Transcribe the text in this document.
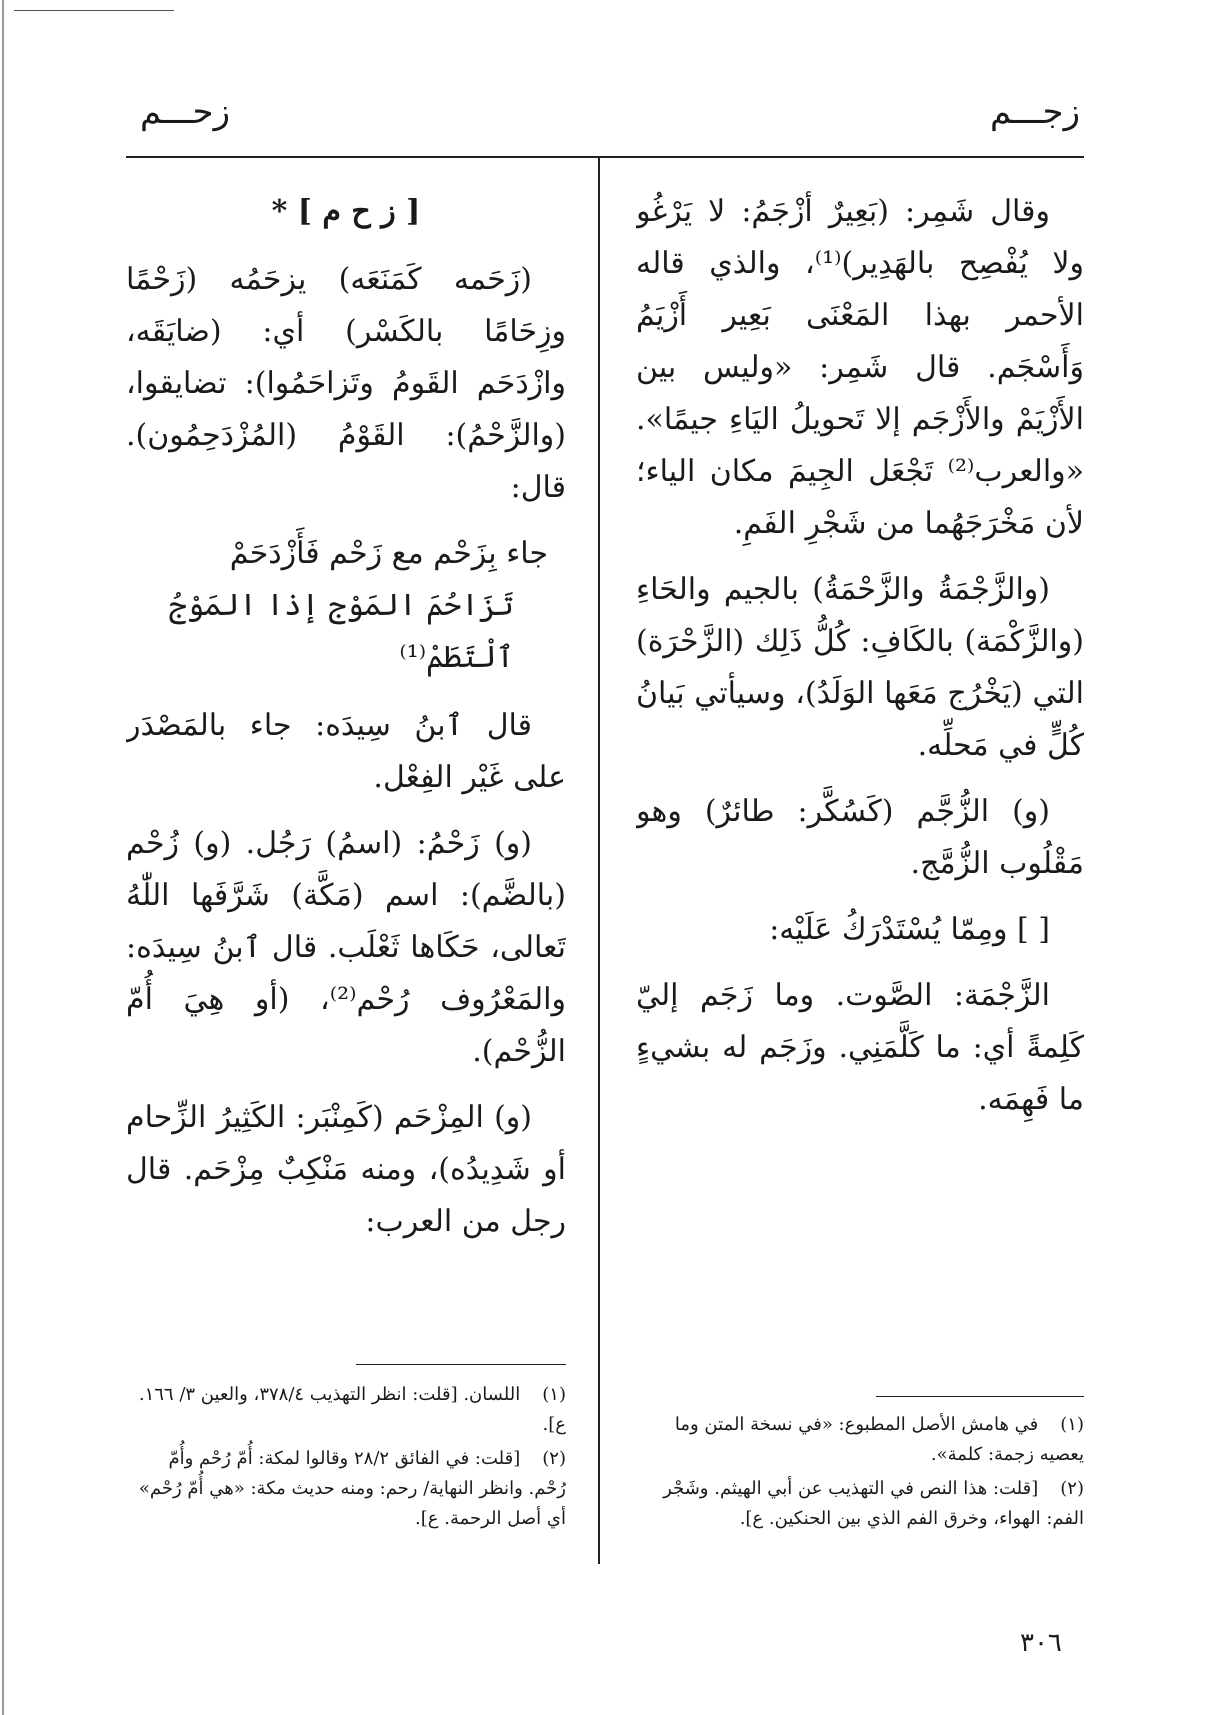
زجـــم
زحـــم

وقال شَمِر: (بَعِيرٌ أزْجَمُ: لا يَرْغُو ولا يُفْصِح بالهَدِير)⁽¹⁾، والذي قاله الأحمر بهذا المَعْنَى بَعِير أَزْيَمُ وَأَسْجَم. قال شَمِر: «وليس بين الأَزْيَمْ والأَزْجَم إلا تَحويلُ اليَاءِ جيمًا». «والعرب⁽²⁾ تَجْعَل الجِيمَ مكان الياء؛ لأن مَخْرَجَهُما من شَجْرِ الفَمِ.

(والزَّجْمَةُ والزَّحْمَةُ) بالجيم والحَاءِ (والزَّكْمَة) بالكَافِ: كُلُّ ذَلِك (الزَّحْرَة) التي (يَخْرُج مَعَها الوَلَدُ)، وسيأتي بَيانُ كُلٍّ في مَحلِّه.

(و) الزُّجَّم (كَسُكَّر: طائرٌ) وهو مَقْلُوب الزُّمَّج.

[ ] ومِمّا يُسْتَدْرَكُ عَلَيْه:

الزَّجْمَة: الصَّوت. وما زَجَم إليّ كَلِمةً أي: ما كَلَّمَنِي. وزَجَم له بشيءٍ ما فَهِمَه.

[ ز ح م ] *

(زَحَمه كَمَنَعَه) يزحَمُه (زَحْمًا وزِحَامًا بالكَسْر) أي: (ضايَقَه، وازْدَحَم القَومُ وتَزاحَمُوا): تضايقوا، (والزَّحْمُ): القَوْمُ (المُزْدَحِمُون). قال:

جاء بِزَحْم مع زَحْم فَأَزْدَحَمْ

تَزَاحُمَ المَوْج إذا المَوْجُ ٱلْتَطَمْ⁽¹⁾

قال ٱبنُ سِيدَه: جاء بالمَصْدَر على غَيْر الفِعْل.

(و) زَحْمُ: (اسمُ) رَجُل. (و) زُحْم (بالضَّم): اسم (مَكَّة) شَرَّفَها اللّٰهُ تَعالى، حَكَاها ثَعْلَب. قال ٱبنُ سِيدَه: والمَعْرُوف رُحْم⁽²⁾، (أو هِيَ أُمّ الزُّحْم).

(و) المِزْحَم (كَمِنْبَر: الكَثِيرُ الزِّحام أو شَدِيدُه)، ومنه مَنْكِبٌ مِزْحَم. قال رجل من العرب:

(١) في هامش الأصل المطبوع: «في نسخة المتن وما يعصيه زجمة: كلمة».
(٢) [قلت: هذا النص في التهذيب عن أبي الهيثم. وشَجْر الفم: الهواء، وخرق الفم الذي بين الحنكين. ع].
(١) اللسان. [قلت: انظر التهذيب ٣٧٨/٤، والعين ٣/ ١٦٦. ع].
(٢) [قلت: في الفائق ٢٨/٢ وقالوا لمكة: أُمّ رُحْم وأُمّ رُحْم. وانظر النهاية/ رحم: ومنه حديث مكة: «هي أُمّ رُحْم» أي أصل الرحمة. ع].
٣٠٦
